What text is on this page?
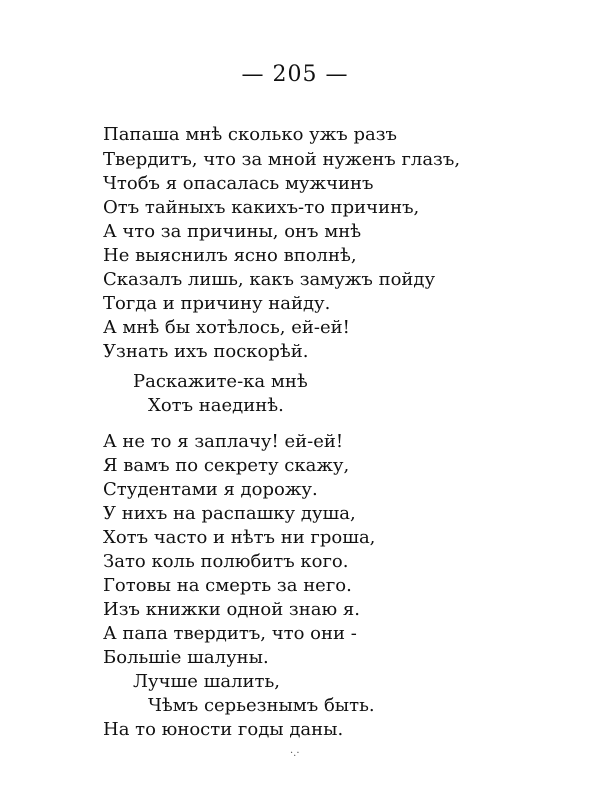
— 205 —
Папаша мнѣ сколько ужъ разъ
Твердитъ, что за мной нуженъ глазъ,
Чтобъ я опасалась мужчинъ
Отъ тайныхъ какихъ-то причинъ,
А что за причины, онъ мнѣ
Не выяснилъ ясно вполнѣ,
Сказалъ лишь, какъ замужъ пойду
Тогда и причину найду.
А мнѣ бы хотѣлось, ей-ей!
Узнать ихъ поскорѣй.
Раскажите-ка мнѣ
Хотъ наединѣ.
А не то я заплачу! ей-ей!
Я вамъ по секрету скажу,
Студентами я дорожу.
У нихъ на распашку душа,
Хотъ часто и нѣтъ ни гроша,
Зато коль полюбитъ кого.
Готовы на смерть за него.
Изъ книжки одной знаю я.
А папа твердитъ, что они -
Большіе шалуны.
Лучше шалить,
Чѣмъ серьезнымъ быть.
На то юности годы даны.
·.·
